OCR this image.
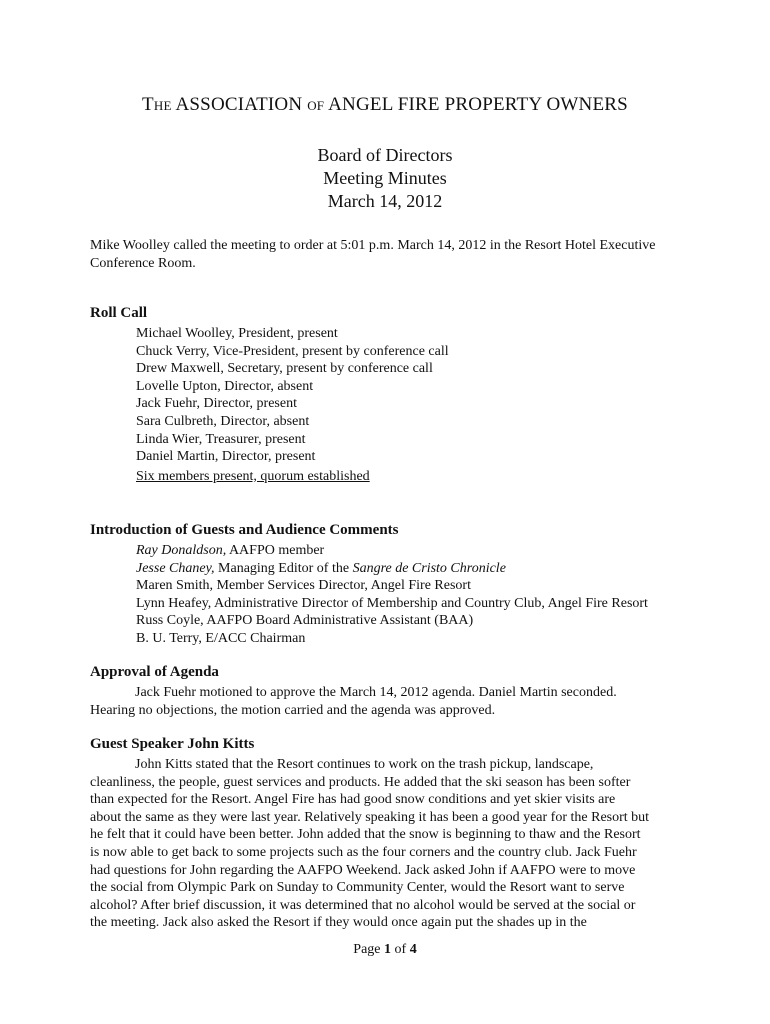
The ASSOCIATION of ANGEL FIRE PROPERTY OWNERS
Board of Directors
Meeting Minutes
March 14, 2012

Mike Woolley called the meeting to order at 5:01 p.m. March 14, 2012 in the Resort Hotel Executive

Conference Room.

Roll Call
Michael Woolley, President, present
Chuck Verry, Vice-President, present by conference call
Drew Maxwell, Secretary, present by conference call
Lovelle Upton, Director, absent
Jack Fuehr, Director, present
Sara Culbreth, Director, absent
Linda Wier, Treasurer, present
Daniel Martin, Director, present
Six members present, quorum established
Introduction of Guests and Audience Comments
Ray Donaldson, AAFPO member
Jesse Chaney, Managing Editor of the Sangre de Cristo Chronicle
Maren Smith, Member Services Director, Angel Fire Resort
Lynn Heafey, Administrative Director of Membership and Country Club, Angel Fire Resort
Russ Coyle, AAFPO Board Administrative Assistant (BAA)
B. U. Terry, E/ACC Chairman
Approval of Agenda

Jack Fuehr motioned to approve the March 14, 2012 agenda. Daniel Martin seconded.

Hearing no objections, the motion carried and the agenda was approved.

Guest Speaker John Kitts

John Kitts stated that the Resort continues to work on the trash pickup, landscape,

cleanliness, the people, guest services and products. He added that the ski season has been softer

than expected for the Resort. Angel Fire has had good snow conditions and yet skier visits are

about the same as they were last year. Relatively speaking it has been a good year for the Resort but

he felt that it could have been better. John added that the snow is beginning to thaw and the Resort

is now able to get back to some projects such as the four corners and the country club. Jack Fuehr

had questions for John regarding the AAFPO Weekend. Jack asked John if AAFPO were to move

the social from Olympic Park on Sunday to Community Center, would the Resort want to serve

alcohol? After brief discussion, it was determined that no alcohol would be served at the social or

the meeting. Jack also asked the Resort if they would once again put the shades up in the

Page 1 of 4
